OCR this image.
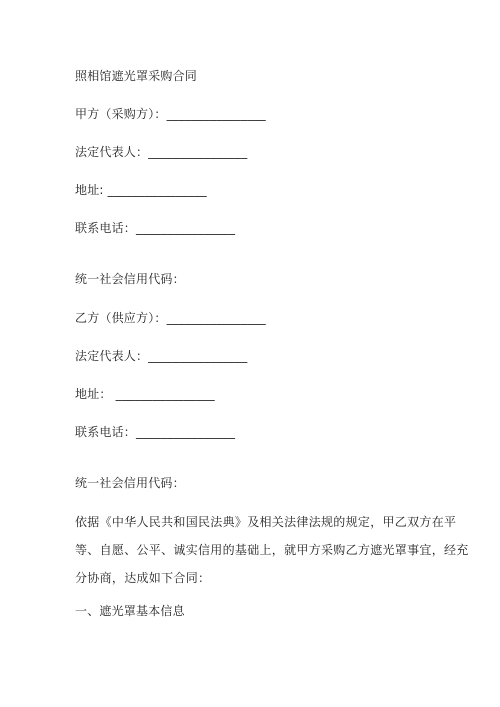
照相馆遮光罩采购合同
甲方（采购方）：________________
法定代表人：________________
地址: ________________
联系电话：________________
统一社会信用代码：
乙方（供应方）：________________
法定代表人：________________
地址： ________________
联系电话：________________
统一社会信用代码：
依据《中华人民共和国民法典》及相关法律法规的规定，甲乙双方在平
等、自愿、公平、诚实信用的基础上，就甲方采购乙方遮光罩事宜，经充
分协商，达成如下合同：
一、遮光罩基本信息
